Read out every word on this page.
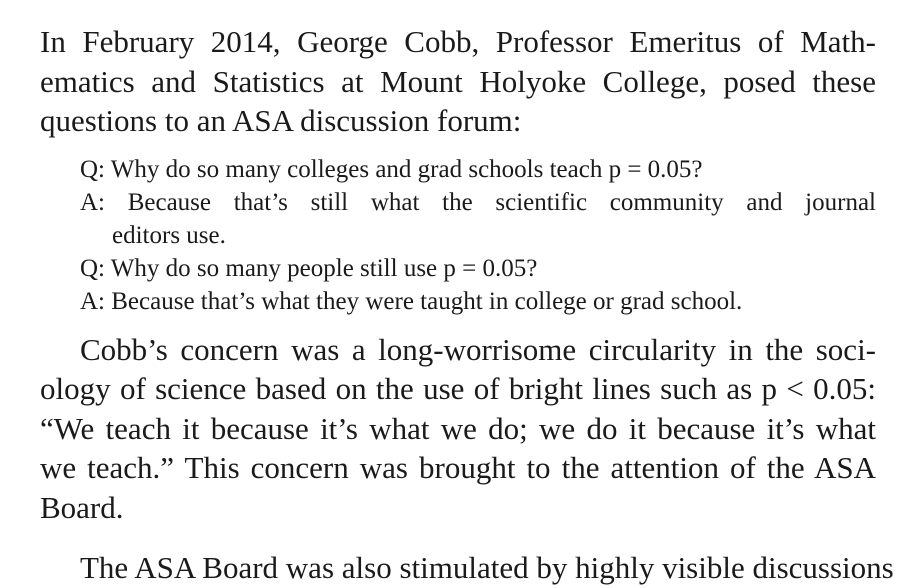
In February 2014, George Cobb, Professor Emeritus of Math-
ematics and Statistics at Mount Holyoke College, posed these
questions to an ASA discussion forum:

Q: Why do so many colleges and grad schools teach p = 0.05?
A: Because that’s still what the scientific community and journal
editors use.
Q: Why do so many people still use p = 0.05?
A: Because that’s what they were taught in college or grad school.

Cobb’s concern was a long-worrisome circularity in the soci-
ology of science based on the use of bright lines such as p < 0.05:
“We teach it because it’s what we do; we do it because it’s what
we teach.” This concern was brought to the attention of the ASA
Board.

The ASA Board was also stimulated by highly visible discussions
